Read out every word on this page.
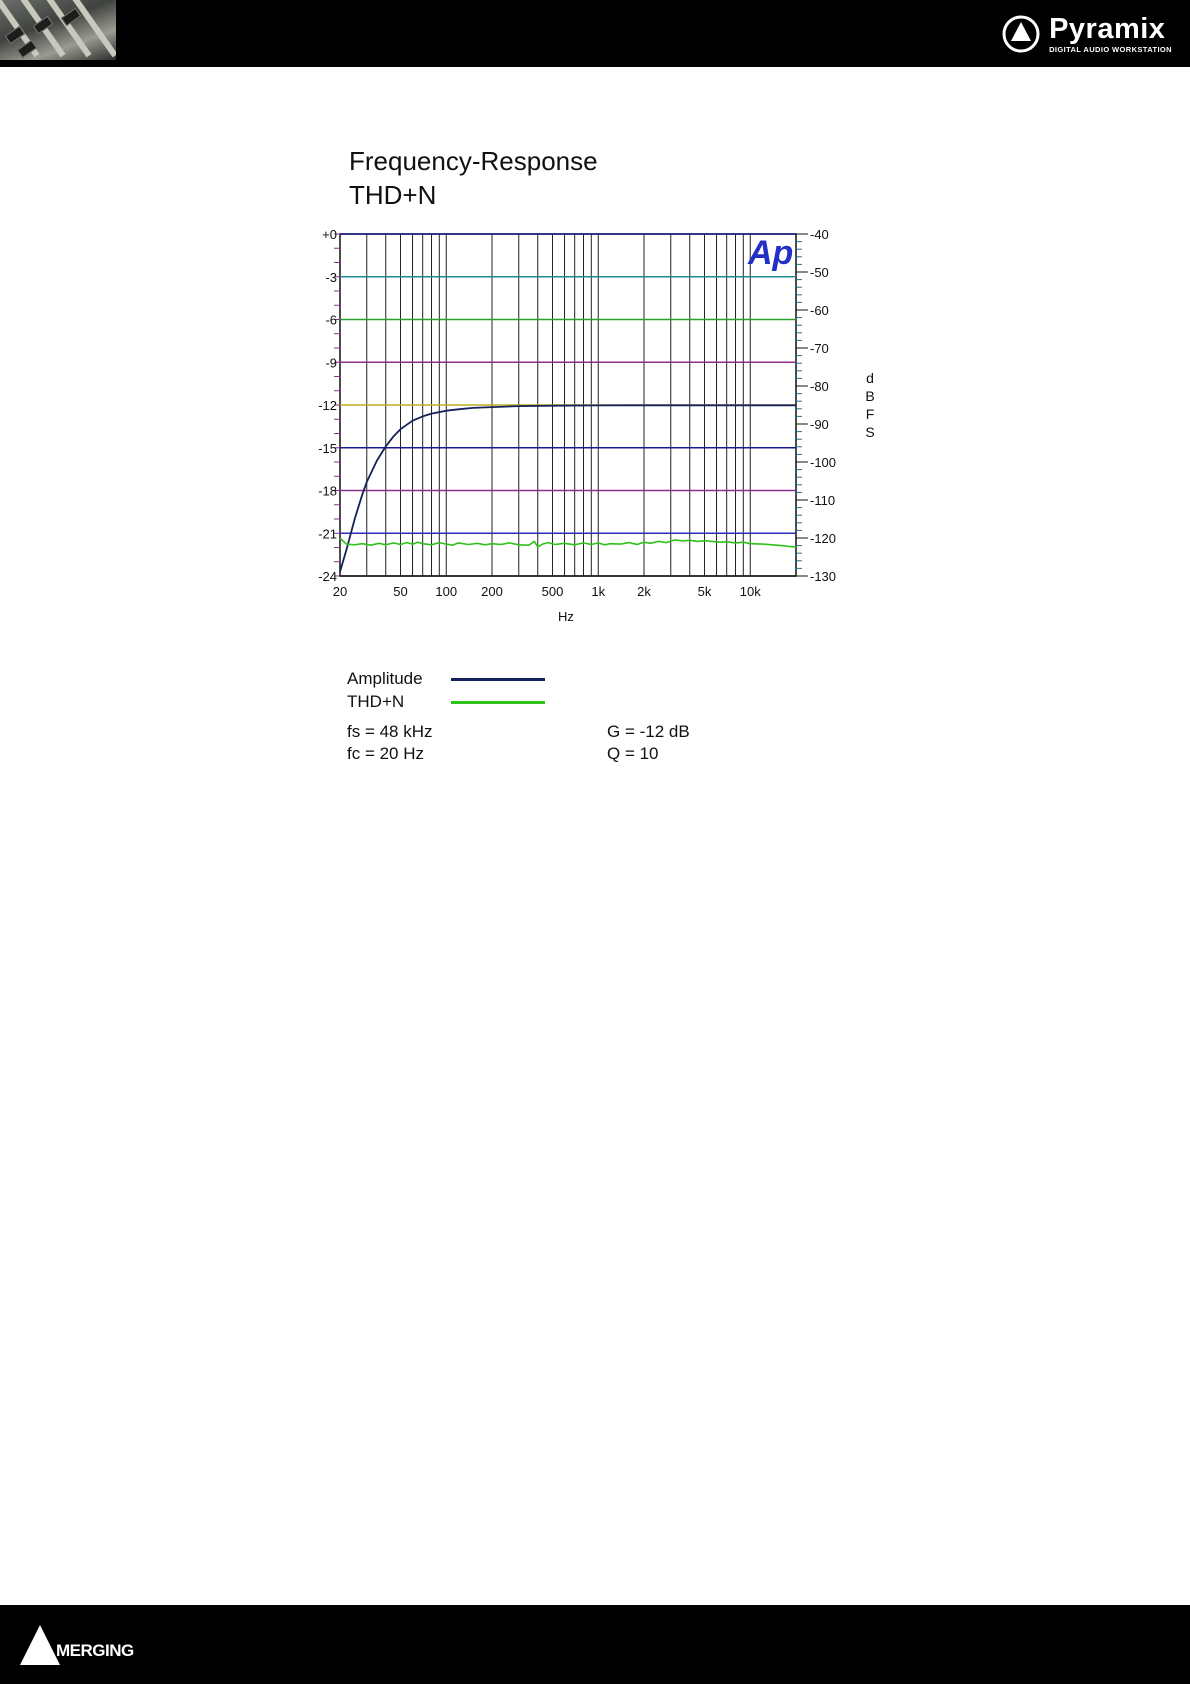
Pyramix
DIGITAL AUDIO WORKSTATION
Frequency-Response
THD+N
+0
-3
-6
-9
-12
-15
-18
-21
-24
-40
-50
-60
-70
-80
-90
-100
-110
-120
-130
20	50 100 200	500 1k 2k	5k 10k
Hz
d
B
F
S
Ap
Amplitude
THD+N
fs = 48 kHz
fc = 20 Hz
G = -12 dB
Q = 10
MERGING
